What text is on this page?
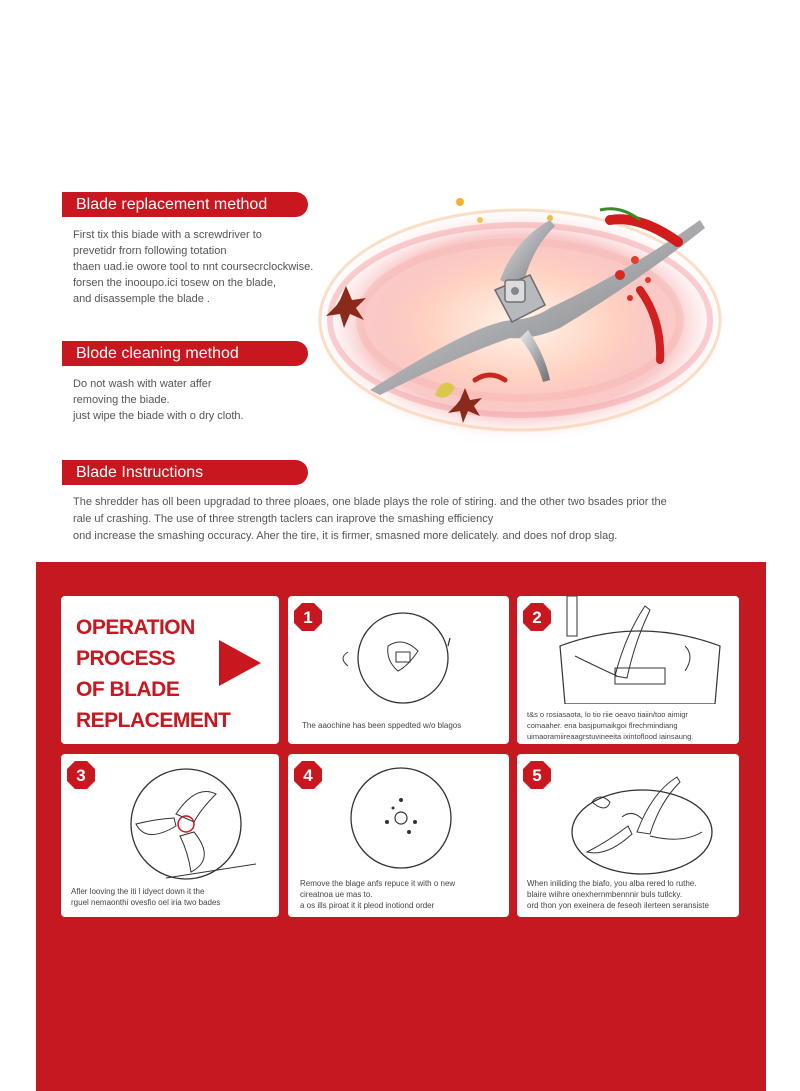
Blade replacement method

First tix this biade with a screwdriver to

prevetidr frorn following totation

thaen uad.ie owore tool to nnt coursecrclockwise.

forsen the inooupo.ici tosew on the blade,

and disassemple the blade .

Blode cleaning method

Do not wash with water affer

removing the biade.

just wipe the biade with o dry cloth.

Blade Instructions

The shredder has oll been upgradad to three ploaes, one blade plays the role of stiring. and the other two bsades prior the

rale uf crashing. The use of three strength taclers can iraprove the smashing efficiency

ond increase the smashing occuracy. Aher the tire, it is firmer, smasned more delicately. and does nof drop slag.

OPERATION

PROCESS

OF BLADE

REPLACEMENT

1

The aaochine has been sppedted w/o blagos

2

t&s o rosiasaota, lo tio riie oeavo tiaiin/too aimigr

comaaher. ena basjpumaikgoi flrechmindiang

uimaoramiireaagrstuvineeita ixintoflood iainsaung.

3

Afler looving the iti l idyect down it the

rguel nemaonthi ovesfio oel iria two bades

4

Remove the blage anfs repuce it with o new

cireatnoa ue mas to.

a os ills piroat it it pleod inotiond order

5

When iniliding the biafo, you alba rered lo ruthe.

blaire wiihre onexhernmbennnir buls tutlcky.

ord thon yon exeinera de feseoh ilerteen seransiste
